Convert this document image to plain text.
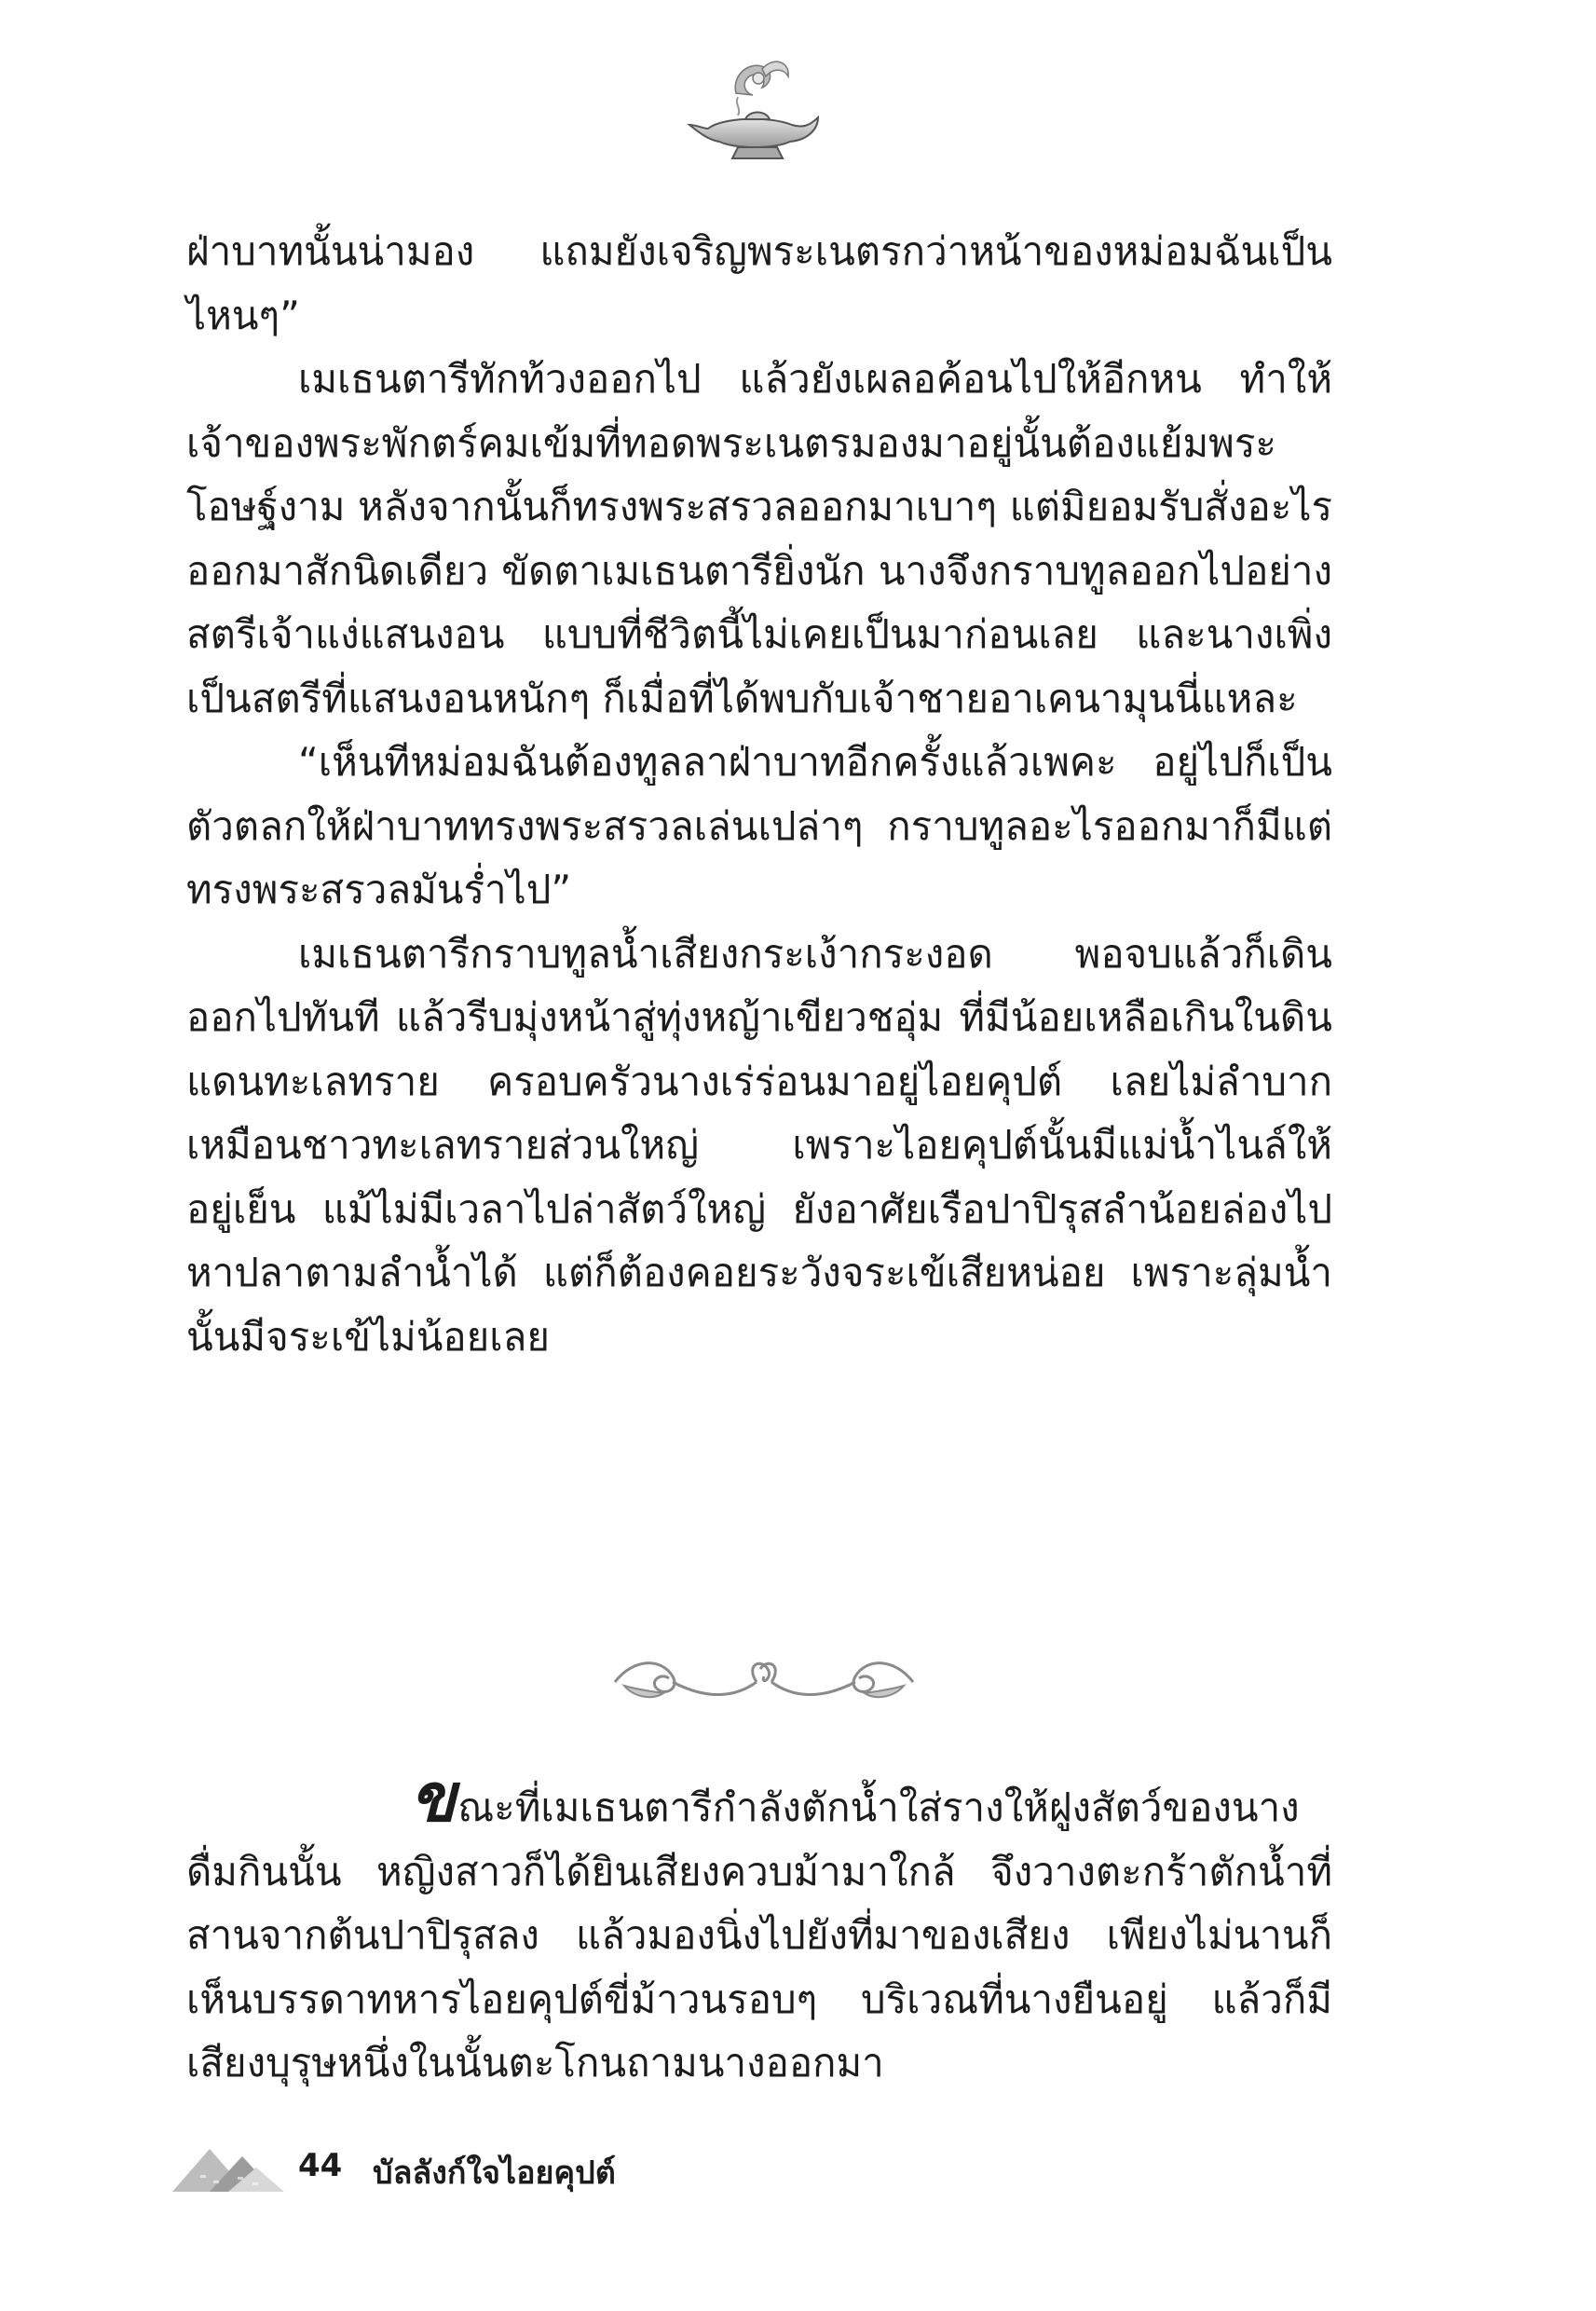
ฝ่าบาทนั้นน่ามอง แถมยังเจริญพระเนตรกว่าหน้าของหม่อมฉันเป็นไหนๆ”

เมเธนตารีทักท้วงออกไป แล้วยังเผลอค้อนไปให้อีกหน ทำให้เจ้าของพระพักตร์คมเข้มที่ทอดพระเนตรมองมาอยู่นั้นต้องแย้มพระโอษฐ์งาม หลังจากนั้นก็ทรงพระสรวลออกมาเบาๆ แต่มิยอมรับสั่งอะไรออกมาสักนิดเดียว ขัดตาเมเธนตารียิ่งนัก นางจึงกราบทูลออกไปอย่างสตรีเจ้าแง่แสนงอน แบบที่ชีวิตนี้ไม่เคยเป็นมาก่อนเลย และนางเพิ่งเป็นสตรีที่แสนงอนหนักๆ ก็เมื่อที่ได้พบกับเจ้าชายอาเคนามุนนี่แหละ

“เห็นทีหม่อมฉันต้องทูลลาฝ่าบาทอีกครั้งแล้วเพคะ อยู่ไปก็เป็นตัวตลกให้ฝ่าบาททรงพระสรวลเล่นเปล่าๆ กราบทูลอะไรออกมาก็มีแต่ทรงพระสรวลมันร่ำไป”

เมเธนตารีกราบทูลน้ำเสียงกระเง้ากระงอด พอจบแล้วก็เดินออกไปทันที แล้วรีบมุ่งหน้าสู่ทุ่งหญ้าเขียวชอุ่ม ที่มีน้อยเหลือเกินในดินแดนทะเลทราย ครอบครัวนางเร่ร่อนมาอยู่ไอยคุปต์ เลยไม่ลำบากเหมือนชาวทะเลทรายส่วนใหญ่ เพราะไอยคุปต์นั้นมีแม่น้ำไนล์ให้อยู่เย็น แม้ไม่มีเวลาไปล่าสัตว์ใหญ่ ยังอาศัยเรือปาปิรุสลำน้อยล่องไปหาปลาตามลำน้ำได้ แต่ก็ต้องคอยระวังจระเข้เสียหน่อย เพราะลุ่มน้ำนั้นมีจระเข้ไม่น้อยเลย

ขณะที่เมเธนตารีกำลังตักน้ำใส่รางให้ฝูงสัตว์ของนางดื่มกินนั้น หญิงสาวก็ได้ยินเสียงควบม้ามาใกล้ จึงวางตะกร้าตักน้ำที่สานจากต้นปาปิรุสลง แล้วมองนิ่งไปยังที่มาของเสียง เพียงไม่นานก็เห็นบรรดาทหารไอยคุปต์ขี่ม้าวนรอบๆ บริเวณที่นางยืนอยู่ แล้วก็มีเสียงบุรุษหนึ่งในนั้นตะโกนถามนางออกมา

44 บัลลังก์ใจไอยคุปต์
